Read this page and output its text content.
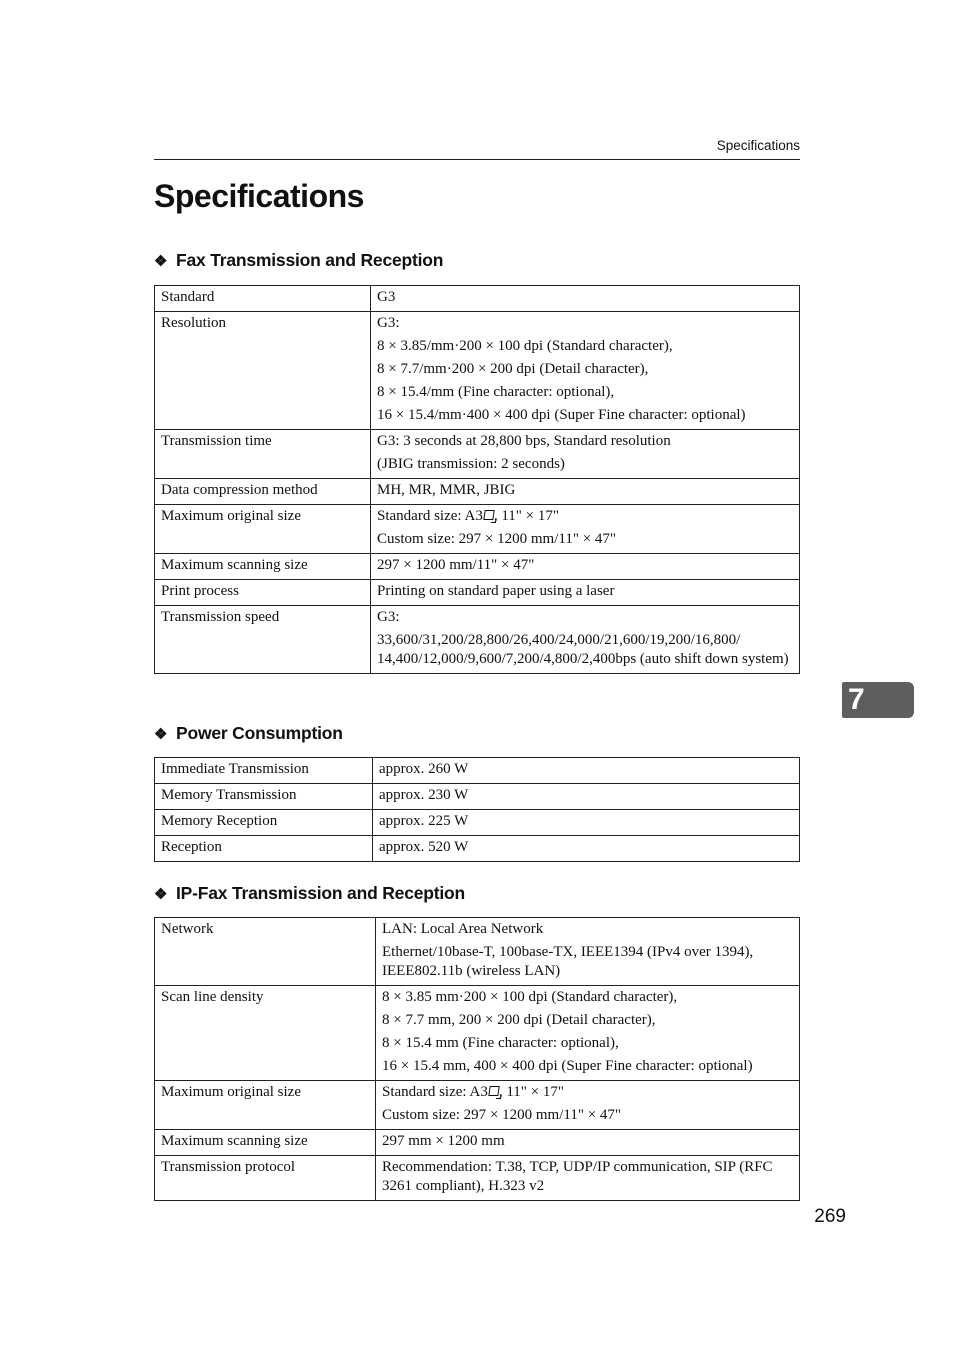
Specifications
Specifications
❖ Fax Transmission and Reception
Standard	G3

Resolution	G3:
8 × 3.85/mm·200 × 100 dpi (Standard character),
8 × 7.7/mm·200 × 200 dpi (Detail character),
8 × 15.4/mm (Fine character: optional),
16 × 15.4/mm·400 × 400 dpi (Super Fine character: optional)

Transmission time	G3: 3 seconds at 28,800 bps, Standard resolution
(JBIG transmission: 2 seconds)

Data compression method	MH, MR, MMR, JBIG

Maximum original size	Standard size: A3 , 11" × 17"
Custom size: 297 × 1200 mm/11" × 47"

Maximum scanning size	297 × 1200 mm/11" × 47"

Print process	Printing on standard paper using a laser

Transmission speed	G3:
33,600/31,200/28,800/26,400/24,000/21,600/19,200/16,800/ 14,400/12,000/9,600/7,200/4,800/2,400bps (auto shift down system)
❖ Power Consumption
Immediate Transmission	approx. 260 W

Memory Transmission	approx. 230 W

Memory Reception	approx. 225 W

Reception	approx. 520 W
❖ IP-Fax Transmission and Reception
Network	LAN: Local Area Network
Ethernet/10base-T, 100base-TX, IEEE1394 (IPv4 over 1394), IEEE802.11b (wireless LAN)

Scan line density	8 × 3.85 mm·200 × 100 dpi (Standard character),
8 × 7.7 mm, 200 × 200 dpi (Detail character),
8 × 15.4 mm (Fine character: optional),
16 × 15.4 mm, 400 × 400 dpi (Super Fine character: optional)

Maximum original size	Standard size: A3 , 11" × 17"
Custom size: 297 × 1200 mm/11" × 47"

Maximum scanning size	297 mm × 1200 mm

Transmission protocol	Recommendation: T.38, TCP, UDP/IP communication, SIP (RFC 3261 compliant), H.323 v2
7
269
